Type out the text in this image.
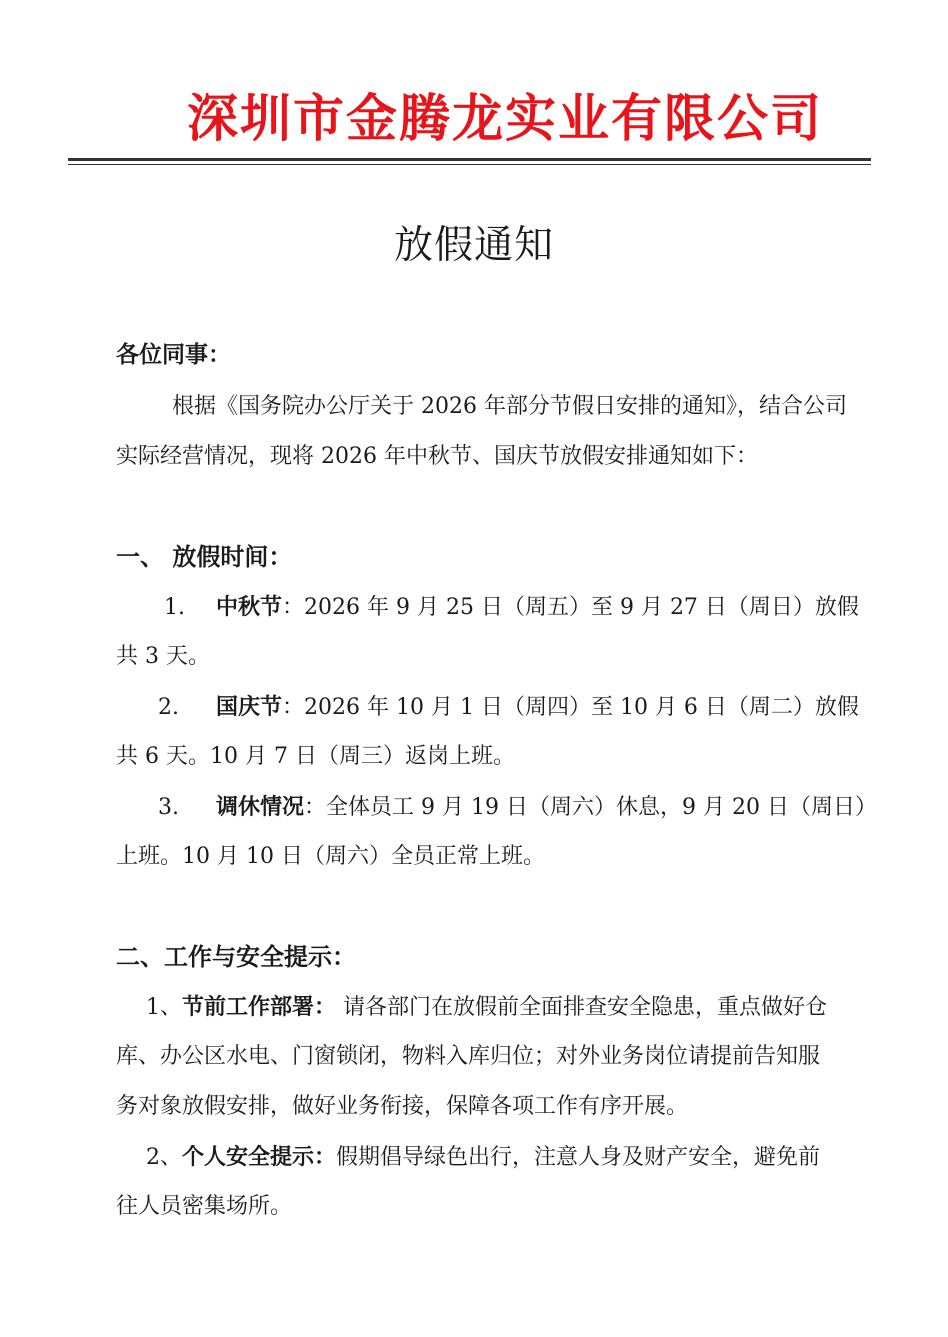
深圳市金腾龙实业有限公司
放假通知
各位同事：
根据《国务院办公厅关于 2026 年部分节假日安排的通知》，结合公司
实际经营情况，现将 2026 年中秋节、国庆节放假安排通知如下：
一、 放假时间：
1. 中秋节：2026 年 9 月 25 日（周五）至 9 月 27 日（周日）放假
共 3 天。
2. 国庆节：2026 年 10 月 1 日（周四）至 10 月 6 日（周二）放假
共 6 天。10 月 7 日（周三）返岗上班。
3. 调休情况：全体员工 9 月 19 日（周六）休息，9 月 20 日（周日）
上班。10 月 10 日（周六）全员正常上班。
二、工作与安全提示：
1、节前工作部署： 请各部门在放假前全面排查安全隐患，重点做好仓
库、办公区水电、门窗锁闭，物料入库归位；对外业务岗位请提前告知服
务对象放假安排，做好业务衔接，保障各项工作有序开展。
2、个人安全提示：假期倡导绿色出行，注意人身及财产安全，避免前
往人员密集场所。
